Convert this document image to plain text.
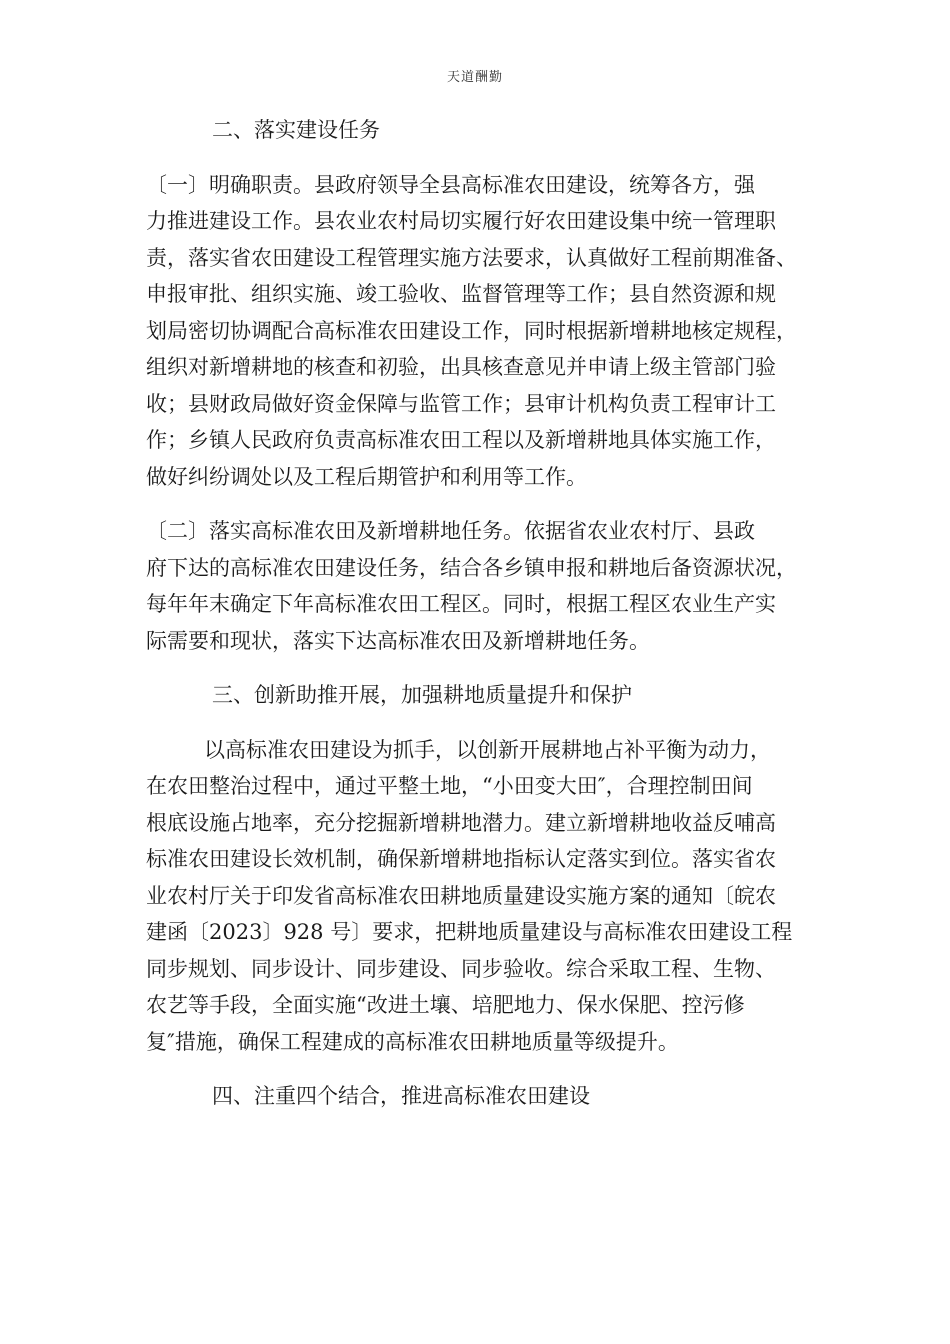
天道酬勤
二、落实建设任务
〔一〕明确职责。县政府领导全县高标准农田建设，统筹各方，强
力推进建设工作。县农业农村局切实履行好农田建设集中统一管理职
责，落实省农田建设工程管理实施方法要求，认真做好工程前期准备、
申报审批、组织实施、竣工验收、监督管理等工作；县自然资源和规
划局密切协调配合高标准农田建设工作，同时根据新增耕地核定规程，
组织对新增耕地的核查和初验，出具核查意见并申请上级主管部门验
收；县财政局做好资金保障与监管工作；县审计机构负责工程审计工
作；乡镇人民政府负责高标准农田工程以及新增耕地具体实施工作，
做好纠纷调处以及工程后期管护和利用等工作。
〔二〕落实高标准农田及新增耕地任务。依据省农业农村厅、县政
府下达的高标准农田建设任务，结合各乡镇申报和耕地后备资源状况，
每年年末确定下年高标准农田工程区。同时，根据工程区农业生产实
际需要和现状，落实下达高标准农田及新增耕地任务。
三、创新助推开展，加强耕地质量提升和保护
以高标准农田建设为抓手，以创新开展耕地占补平衡为动力，
在农田整治过程中，通过平整土地，“小田变大田″，合理控制田间
根底设施占地率，充分挖掘新增耕地潜力。建立新增耕地收益反哺高
标准农田建设长效机制，确保新增耕地指标认定落实到位。落实省农
业农村厅关于印发省高标准农田耕地质量建设实施方案的通知〔皖农
建函〔2023〕928 号〕要求，把耕地质量建设与高标准农田建设工程
同步规划、同步设计、同步建设、同步验收。综合采取工程、生物、
农艺等手段，全面实施“改进土壤、培肥地力、保水保肥、控污修
复″措施，确保工程建成的高标准农田耕地质量等级提升。
四、注重四个结合，推进高标准农田建设
